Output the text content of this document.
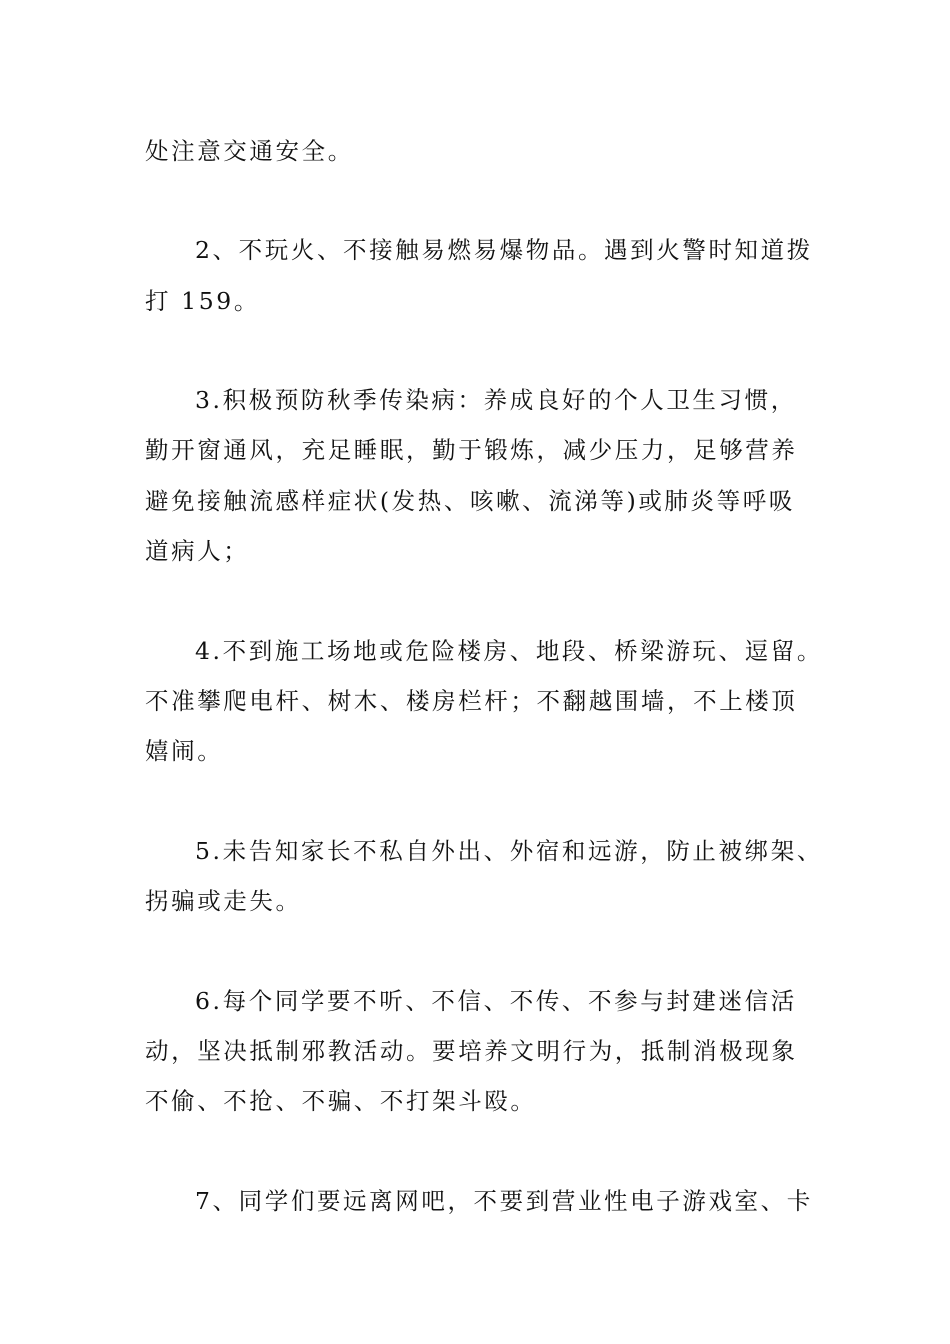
处注意交通安全。
2、不玩火、不接触易燃易爆物品。遇到火警时知道拨
打 159。
3.积极预防秋季传染病：养成良好的个人卫生习惯，
勤开窗通风，充足睡眠，勤于锻炼，减少压力，足够营养
避免接触流感样症状(发热、咳嗽、流涕等)或肺炎等呼吸
道病人；
4.不到施工场地或危险楼房、地段、桥梁游玩、逗留。
不准攀爬电杆、树木、楼房栏杆；不翻越围墙，不上楼顶
嬉闹。
5.未告知家长不私自外出、外宿和远游，防止被绑架、
拐骗或走失。
6.每个同学要不听、不信、不传、不参与封建迷信活
动，坚决抵制邪教活动。要培养文明行为，抵制消极现象
不偷、不抢、不骗、不打架斗殴。
7、同学们要远离网吧，不要到营业性电子游戏室、卡
